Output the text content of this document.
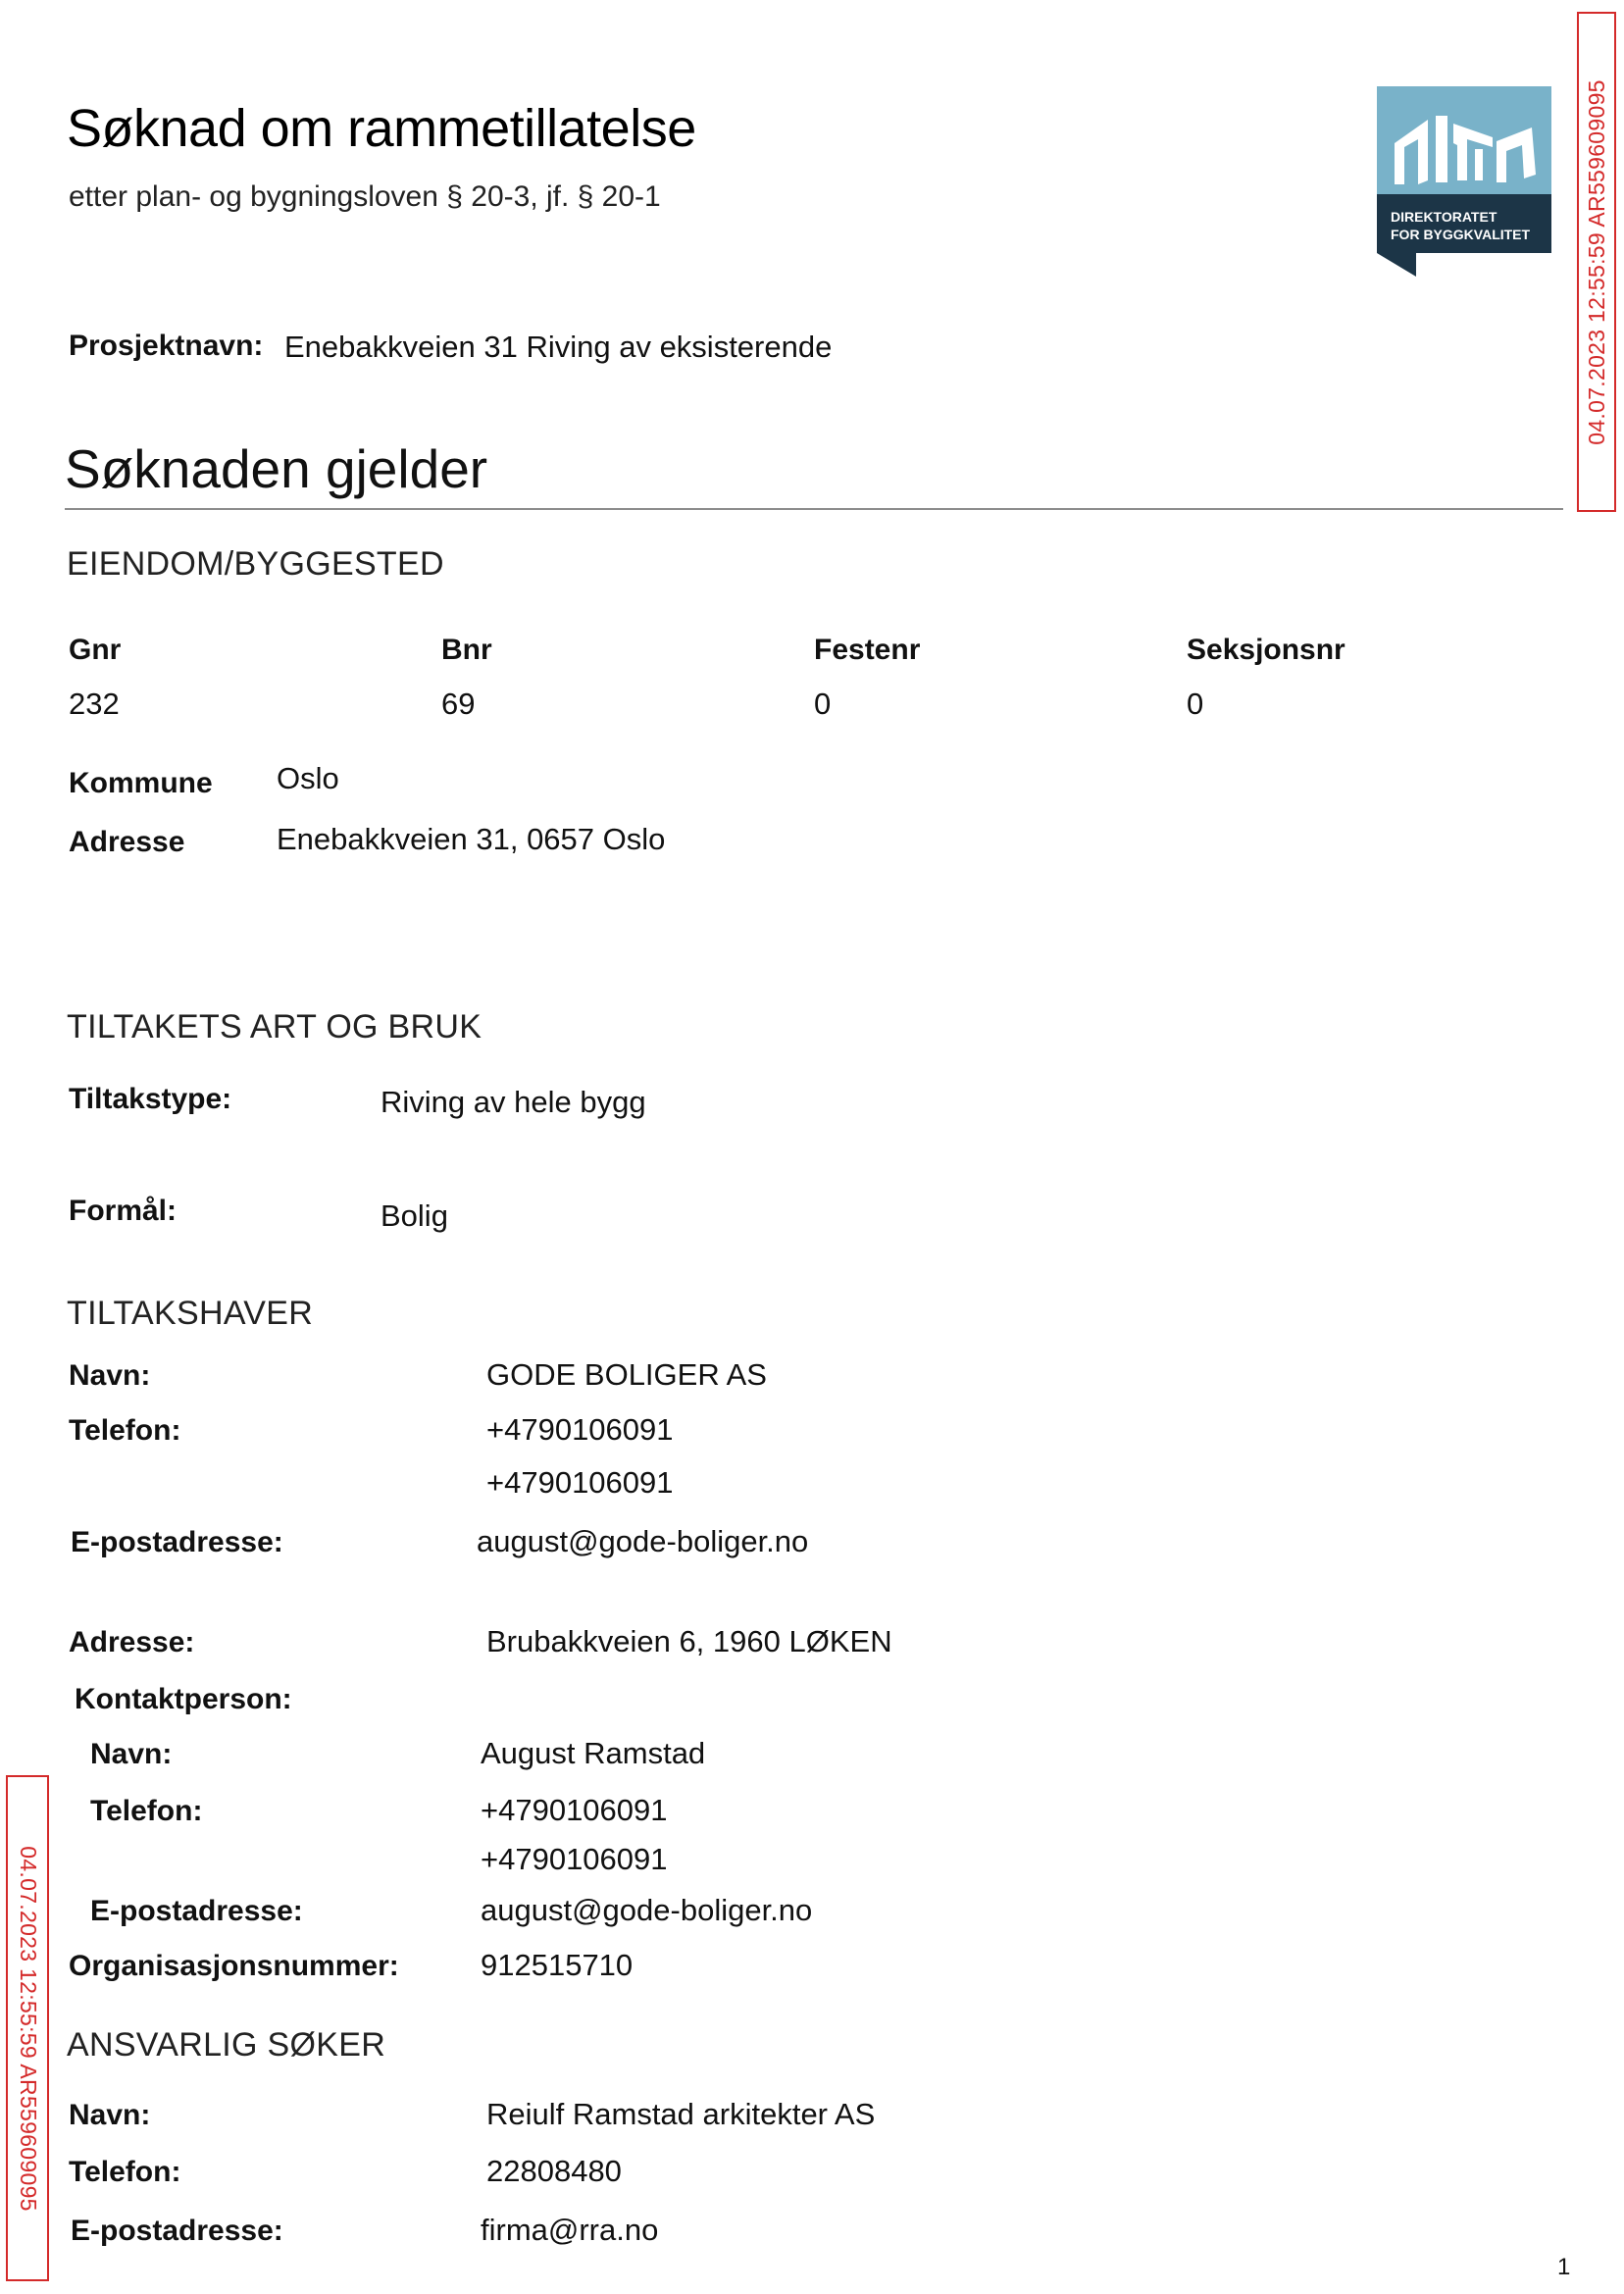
Søknad om rammetillatelse
etter plan- og bygningsloven § 20-3, jf. § 20-1
DIREKTORATET
FOR BYGGKVALITET
Prosjektnavn: Enebakkveien 31 Riving av eksisterende
Søknaden gjelder
EIENDOM/BYGGESTED
Gnr	Bnr	Festenr	Seksjonsnr
232	69	0	0
Kommune Oslo
Adresse	Enebakkveien 31, 0657 Oslo
TILTAKETS ART OG BRUK
Tiltakstype:	Riving av hele bygg
Formål:	Bolig
TILTAKSHAVER
Navn:	GODE BOLIGER AS
Telefon:	+4790106091
+4790106091
E-postadresse:	august@gode-boliger.no
Adresse:	Brubakkveien 6, 1960 LØKEN
Kontaktperson:
Navn:	August Ramstad
Telefon:	+4790106091
+4790106091
E-postadresse:	august@gode-boliger.no
Organisasjonsnummer:	912515710
ANSVARLIG SØKER
Navn:	Reiulf Ramstad arkitekter AS
Telefon:	22808480
E-postadresse:	firma@rra.no
1
04.07.2023 12:55:59 AR559609095
04.07.2023 12:55:59 AR559609095
